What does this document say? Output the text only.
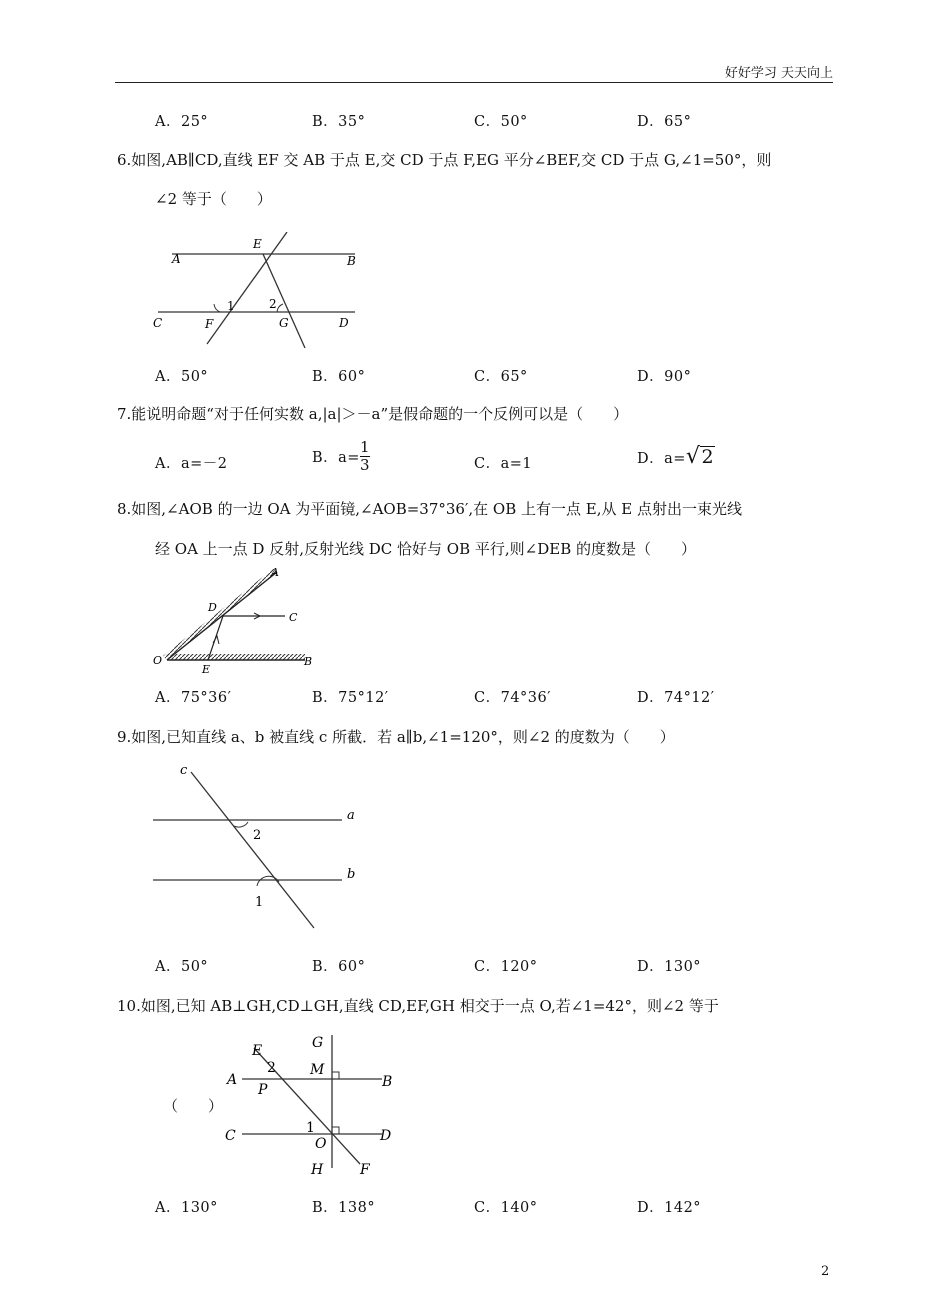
好好学习 天天向上
A．25°	B．35°	C．50°	D．65°
6.如图,AB∥CD,直线 EF 交 AB 于点 E,交 CD 于点 F,EG 平分∠BEF,交 CD 于点 G,∠1=50°，则
∠2 等于（　　）
A	B
C	D
E
F	G
1	2
A．50°	B．60°	C．65°	D．90°
7.能说明命题“对于任何实数 a,|a|＞－a”是假命题的一个反例可以是（　　）
A．a=－2	B．$a= \frac{1}{3}$	C．a=1	D．a= √ 2
8.如图,∠AOB 的一边 OA 为平面镜,∠AOB=37°36′,在 OB 上有一点 E,从 E 点射出一束光线
经 OA 上一点 D 反射,反射光线 DC 恰好与 OB 平行,则∠DEB 的度数是（　　）
A
B
C
D
E
O
A．75°36′	B．75°12′	C．74°36′	D．74°12′
9.如图,已知直线 a、b 被直线 c 所截．若 a∥b,∠1=120°，则∠2 的度数为（　　）
c
a
b
2
1
A．50°	B．60°	C．120°	D．130°
10.如图,已知 AB⊥GH,CD⊥GH,直线 CD,EF,GH 相交于一点 O,若∠1=42°，则∠2 等于
（　　）
E
2
A	B
P
M
G
C	D
1
O
H	F
A．130°	B．138°	C．140°	D．142°
2
